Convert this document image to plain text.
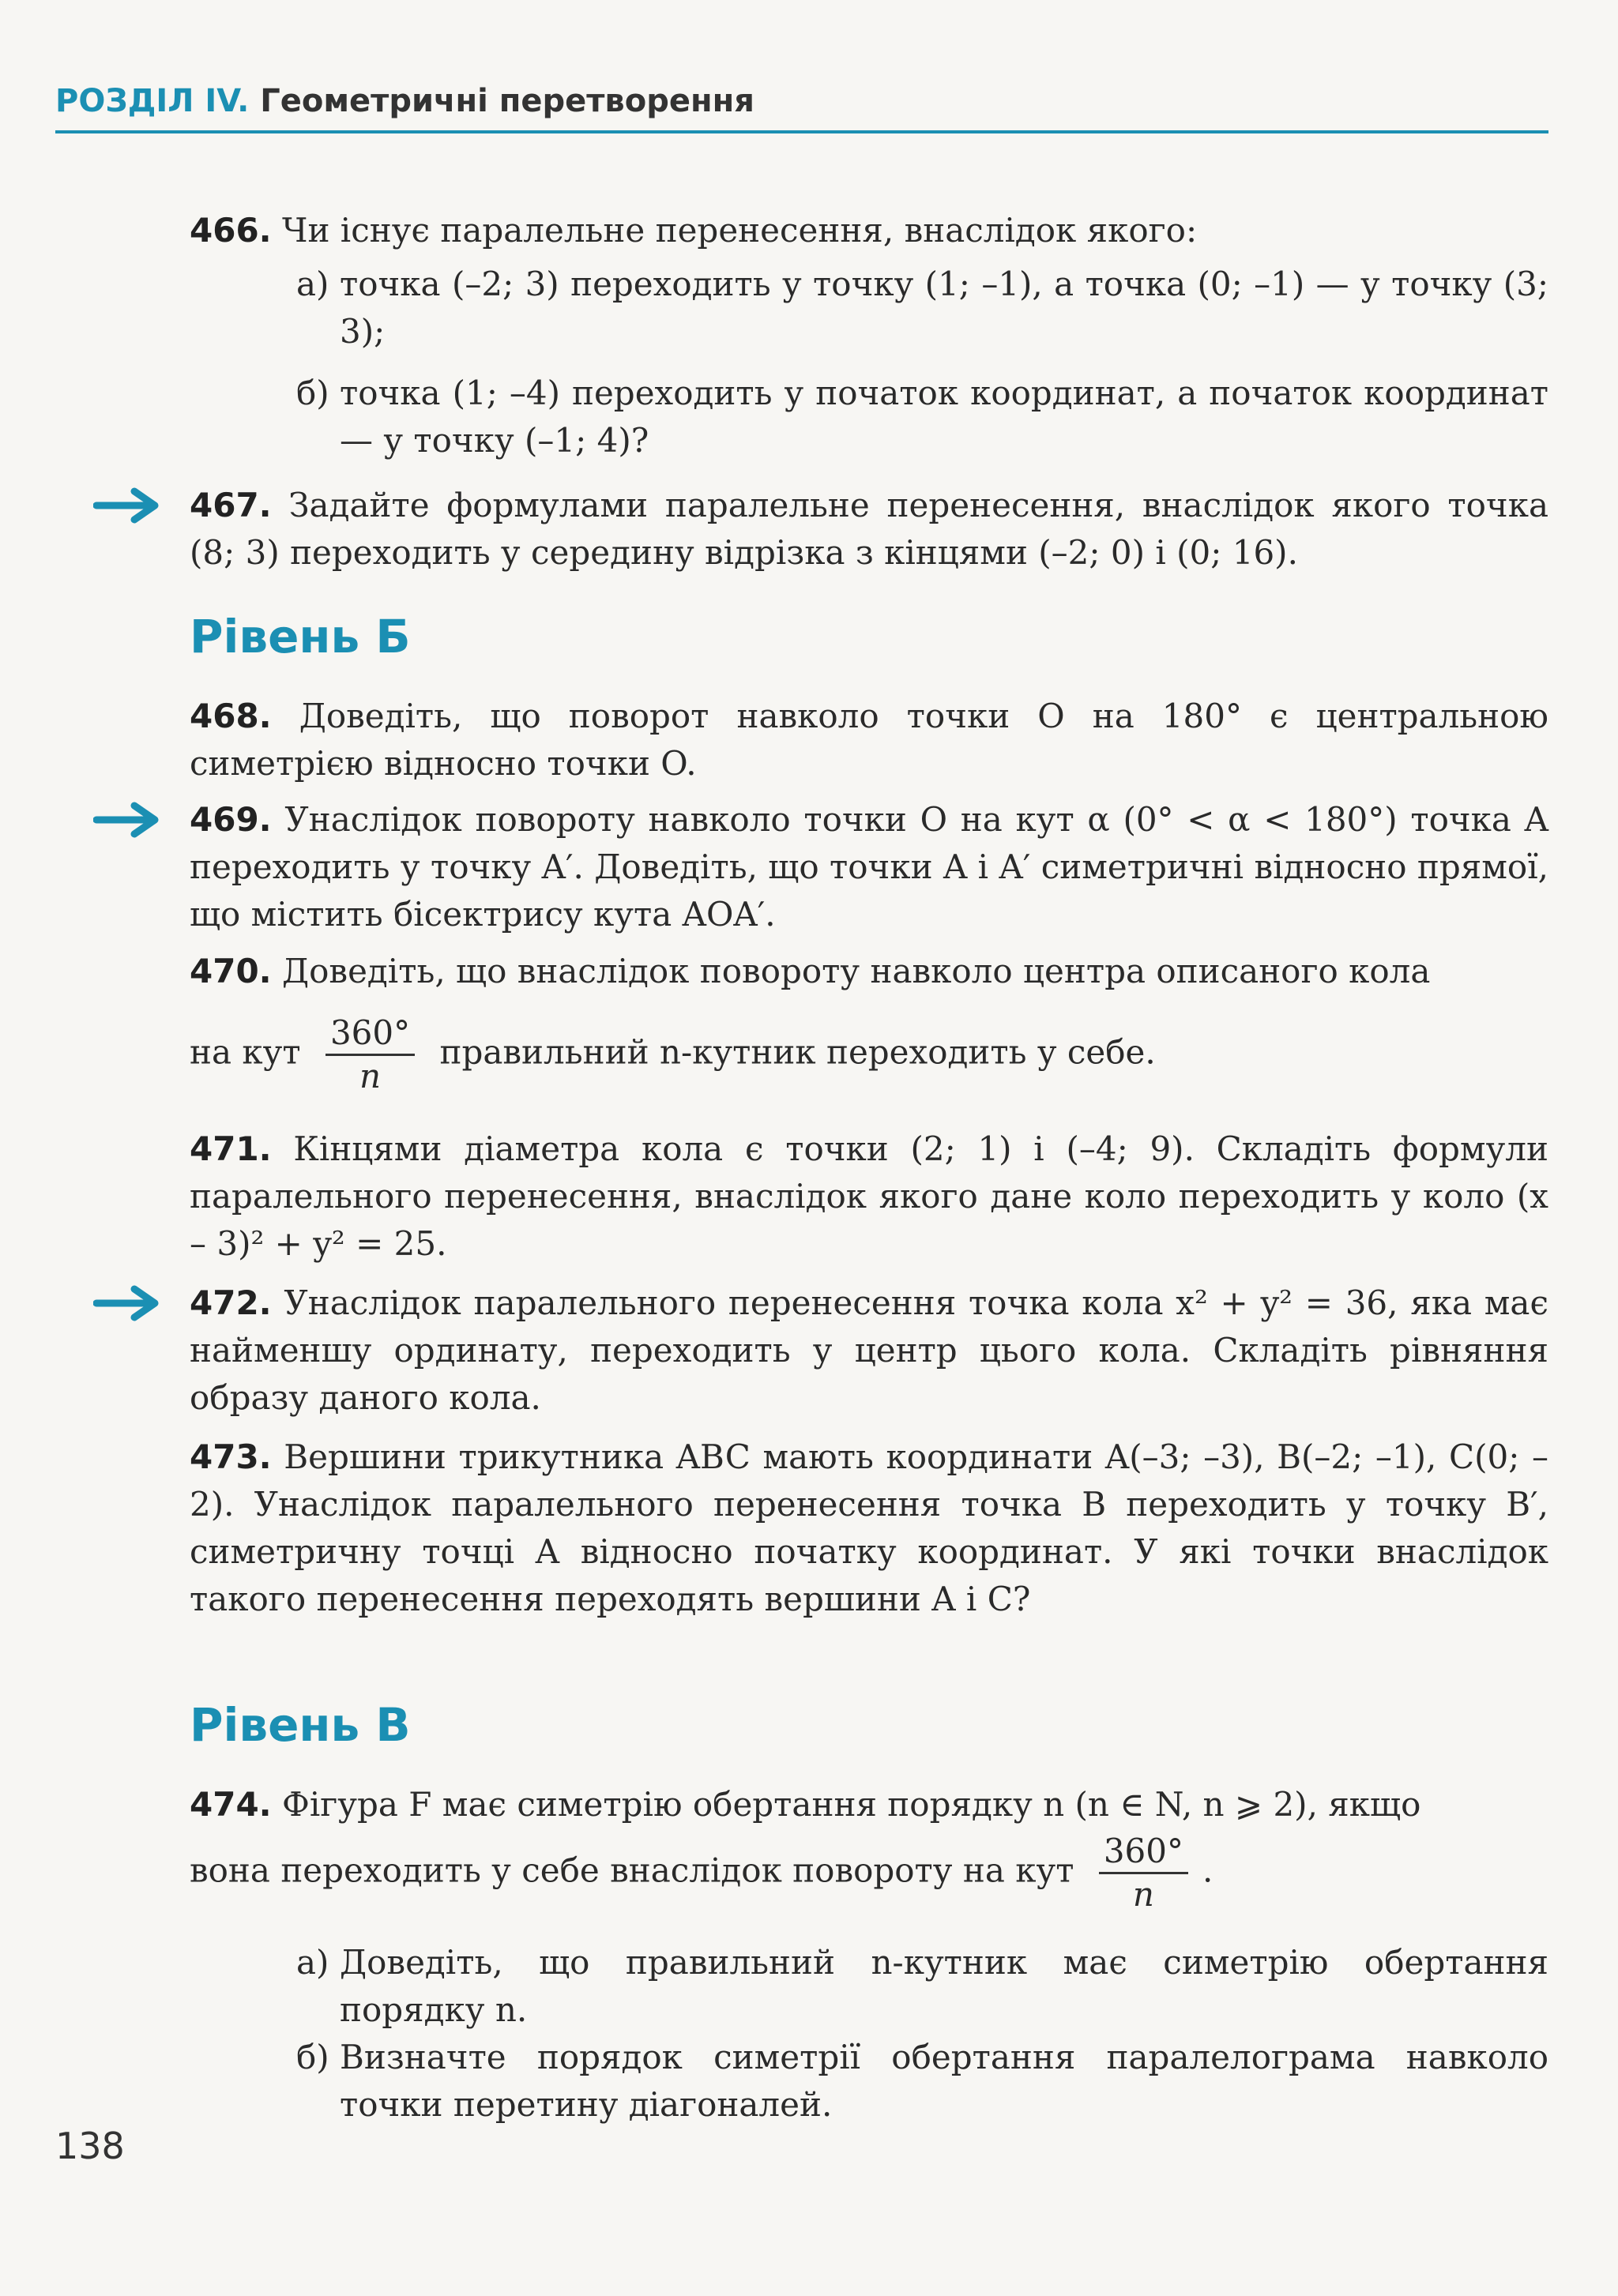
РОЗДІЛ IV. Геометричні перетворення
466. Чи існує паралельне перенесення, внаслідок якого:
а) точка (–2; 3) переходить у точку (1; –1), а точка (0; –1) — у точку (3; 3);
б) точка (1; –4) переходить у початок координат, а початок координат — у точку (–1; 4)?
467. Задайте формулами паралельне перенесення, внаслідок якого точка (8; 3) переходить у середину відрізка з кінцями (–2; 0) і (0; 16).
Рівень Б
468. Доведіть, що поворот навколо точки O на 180° є центральною симетрією відносно точки O.
469. Унаслідок повороту навколо точки O на кут α (0° < α < 180°) точка A переходить у точку A′. Доведіть, що точки A і A′ симетричні відносно прямої, що містить бісектрису кута AOA′.
470. Доведіть, що внаслідок повороту навколо центра описаного кола
на кут $\frac{360^\circ}{n}$ правильний n-кутник переходить у себе.
471. Кінцями діаметра кола є точки (2; 1) і (–4; 9). Складіть формули паралельного перенесення, внаслідок якого дане коло переходить у коло (x – 3)² + y² = 25.
472. Унаслідок паралельного перенесення точка кола x² + y² = 36, яка має найменшу ординату, переходить у центр цього кола. Складіть рівняння образу даного кола.
473. Вершини трикутника ABC мають координати A(–3; –3), B(–2; –1), C(0; –2). Унаслідок паралельного перенесення точка B переходить у точку B′, симетричну точці A відносно початку координат. У які точки внаслідок такого перенесення переходять вершини A і C?
Рівень В
474. Фігура F має симетрію обертання порядку n (n ∈ N, n ⩾ 2), якщо
вона переходить у себе внаслідок повороту на кут $\frac{360^\circ}{n}$ .
а) Доведіть, що правильний n-кутник має симетрію обертання порядку n.
б) Визначте порядок симетрії обертання паралелограма навколо точки перетину діагоналей.
138
